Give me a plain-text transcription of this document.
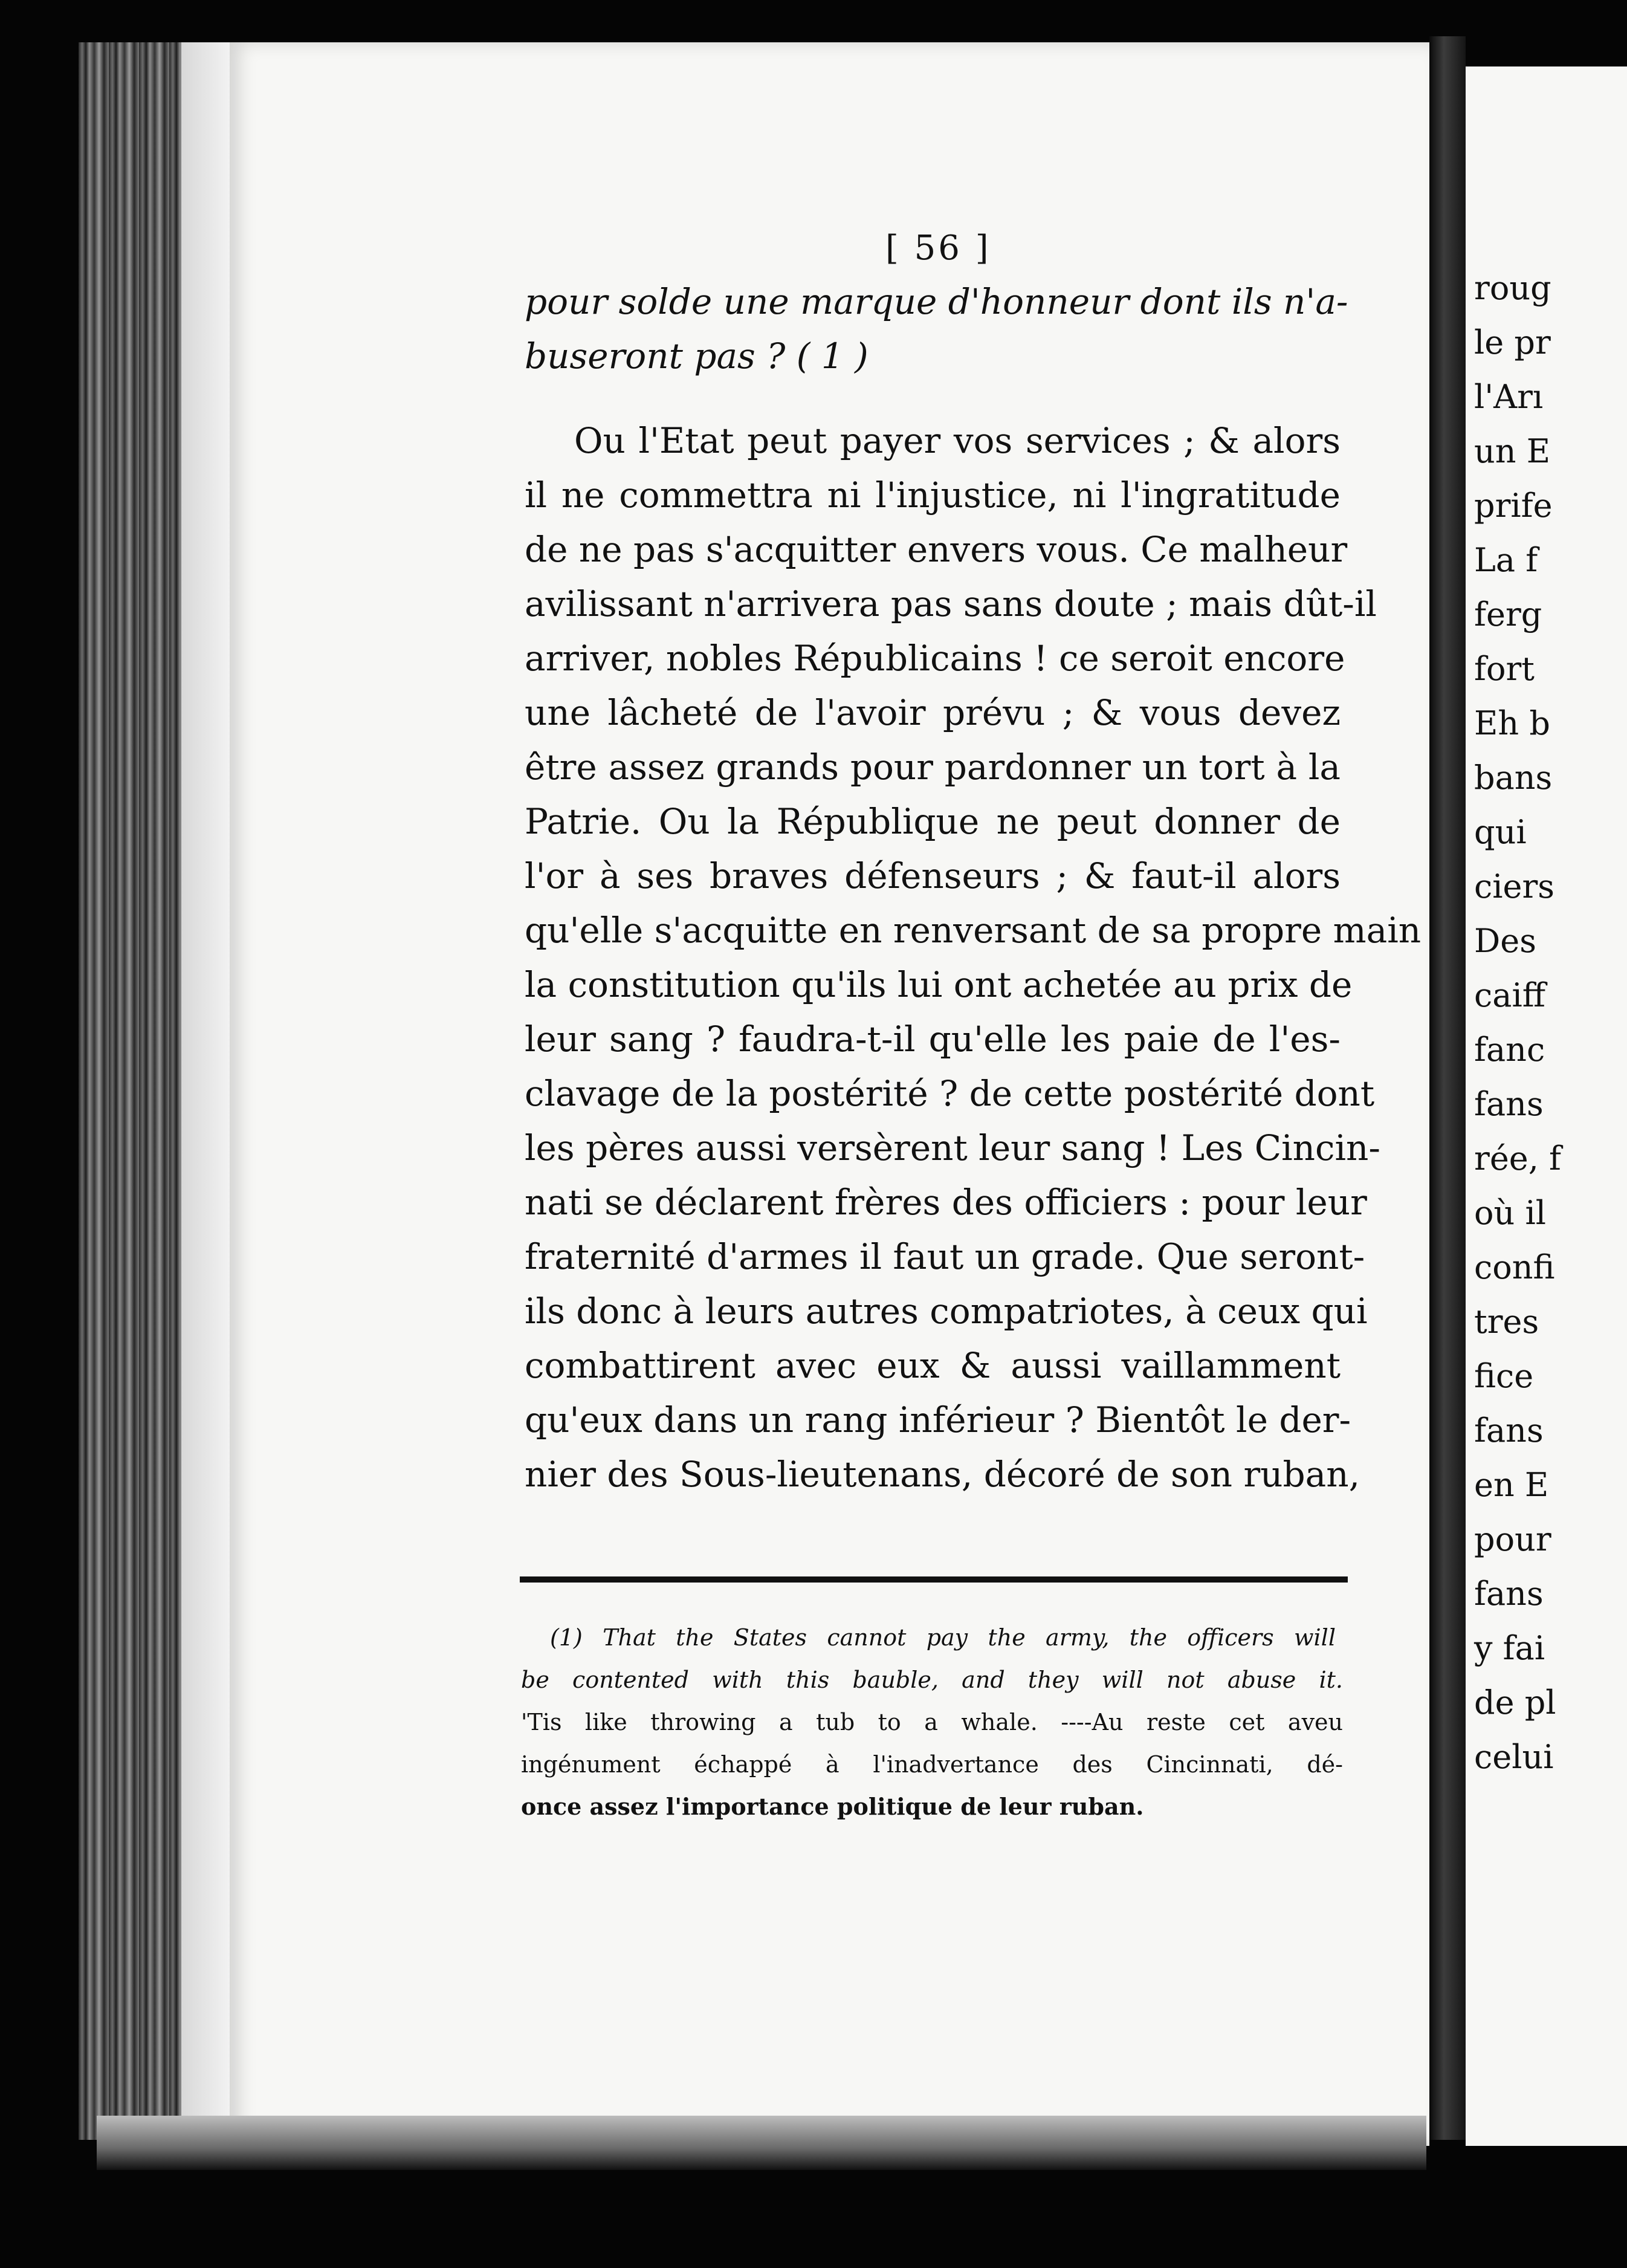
roug
le pr
l'Arı
un E
prife
La f
ferg
fort
Eh b
bans
qui
ciers
Des
caiff
fanc
fans
rée, f
où il
confi
tres
fice
fans
en E
pour
fans
y fai
de pl
celui
[ 56 ]
pour solde une marque d'honneur dont ils n'a-
buseront pas ? ( 1 )
Ou l'Etat peut payer vos services ; & alors
il ne commettra ni l'injustice, ni l'ingratitude
de ne pas s'acquitter envers vous. Ce malheur
avilissant n'arrivera pas sans doute ; mais dût-il
arriver, nobles Républicains ! ce seroit encore
une lâcheté de l'avoir prévu ; & vous devez
être assez grands pour pardonner un tort à la
Patrie. Ou la République ne peut donner de
l'or à ses braves défenseurs ; & faut-il alors
qu'elle s'acquitte en renversant de sa propre main
la constitution qu'ils lui ont achetée au prix de
leur sang ? faudra-t-il qu'elle les paie de l'es-
clavage de la postérité ? de cette postérité dont
les pères aussi versèrent leur sang ! Les Cincin-
nati se déclarent frères des officiers : pour leur
fraternité d'armes il faut un grade. Que seront-
ils donc à leurs autres compatriotes, à ceux qui
combattirent avec eux & aussi vaillamment
qu'eux dans un rang inférieur ? Bientôt le der-
nier des Sous-lieutenans, décoré de son ruban,
(1) That the States cannot pay the army, the officers will
be contented with this bauble, and they will not abuse it.
'Tis like throwing a tub to a whale. ----Au reste cet aveu
ingénument échappé à l'inadvertance des Cincinnati, dé-
once assez l'importance politique de leur ruban.
